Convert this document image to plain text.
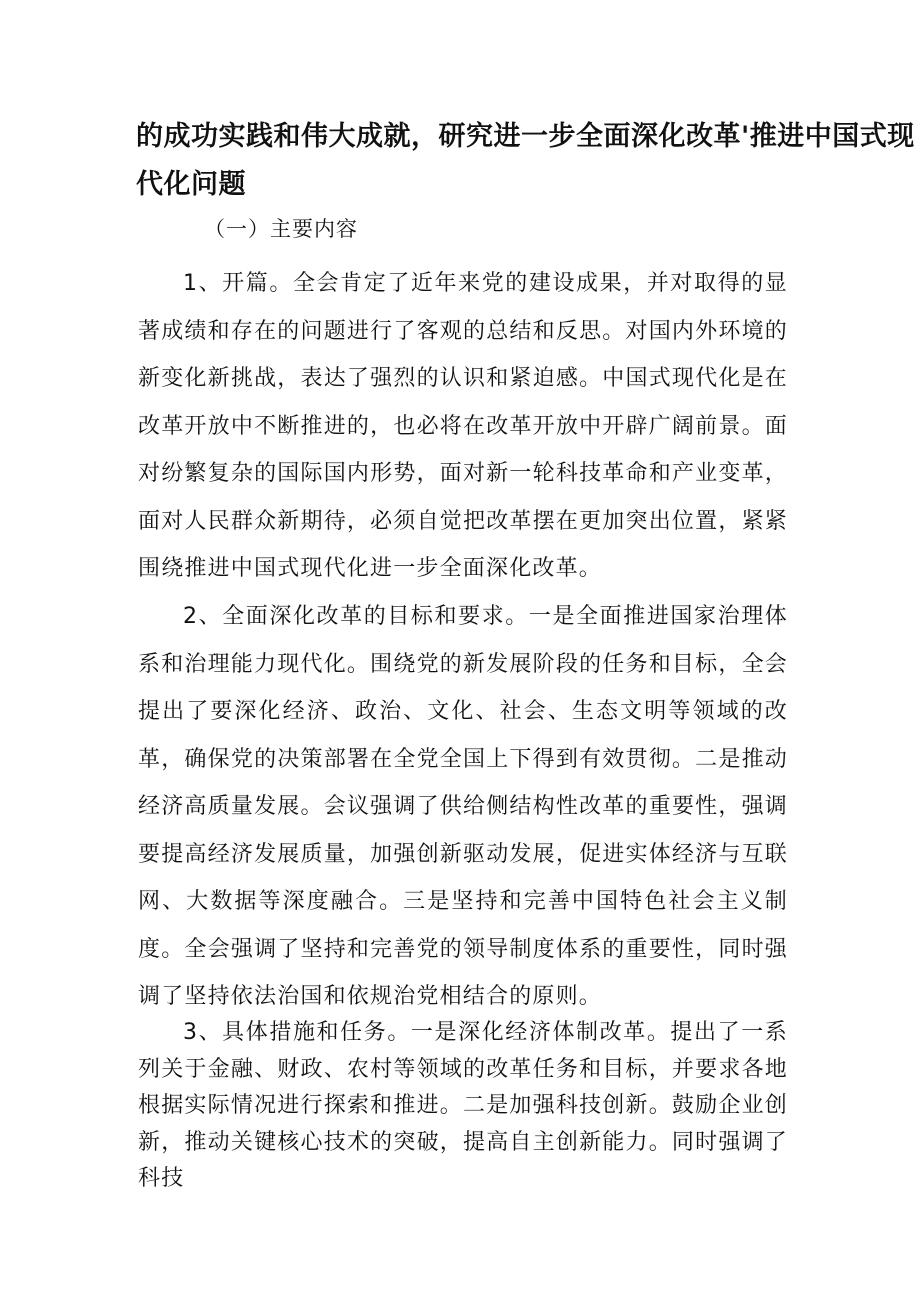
的成功实践和伟大成就，研究进一步全面深化改革'推进中国式现
代化问题
（一）主要内容

1、开篇。全会肯定了近年来党的建设成果，并对取得的显著成绩和存在的问题进行了客观的总结和反思。对国内外环境的新变化新挑战，表达了强烈的认识和紧迫感。中国式现代化是在改革开放中不断推进的，也必将在改革开放中开辟广阔前景。面对纷繁复杂的国际国内形势，面对新一轮科技革命和产业变革，面对人民群众新期待，必须自觉把改革摆在更加突出位置，紧紧围绕推进中国式现代化进一步全面深化改革。

2、全面深化改革的目标和要求。一是全面推进国家治理体系和治理能力现代化。围绕党的新发展阶段的任务和目标，全会提出了要深化经济、政治、文化、社会、生态文明等领域的改革，确保党的决策部署在全党全国上下得到有效贯彻。二是推动经济高质量发展。会议强调了供给侧结构性改革的重要性，强调要提高经济发展质量，加强创新驱动发展，促进实体经济与互联网、大数据等深度融合。三是坚持和完善中国特色社会主义制度。全会强调了坚持和完善党的领导制度体系的重要性，同时强调了坚持依法治国和依规治党相结合的原则。

3、具体措施和任务。一是深化经济体制改革。提出了一系列关于金融、财政、农村等领域的改革任务和目标，并要求各地根据实际情况进行探索和推进。二是加强科技创新。鼓励企业创新，推动关键核心技术的突破，提高自主创新能力。同时强调了科技
